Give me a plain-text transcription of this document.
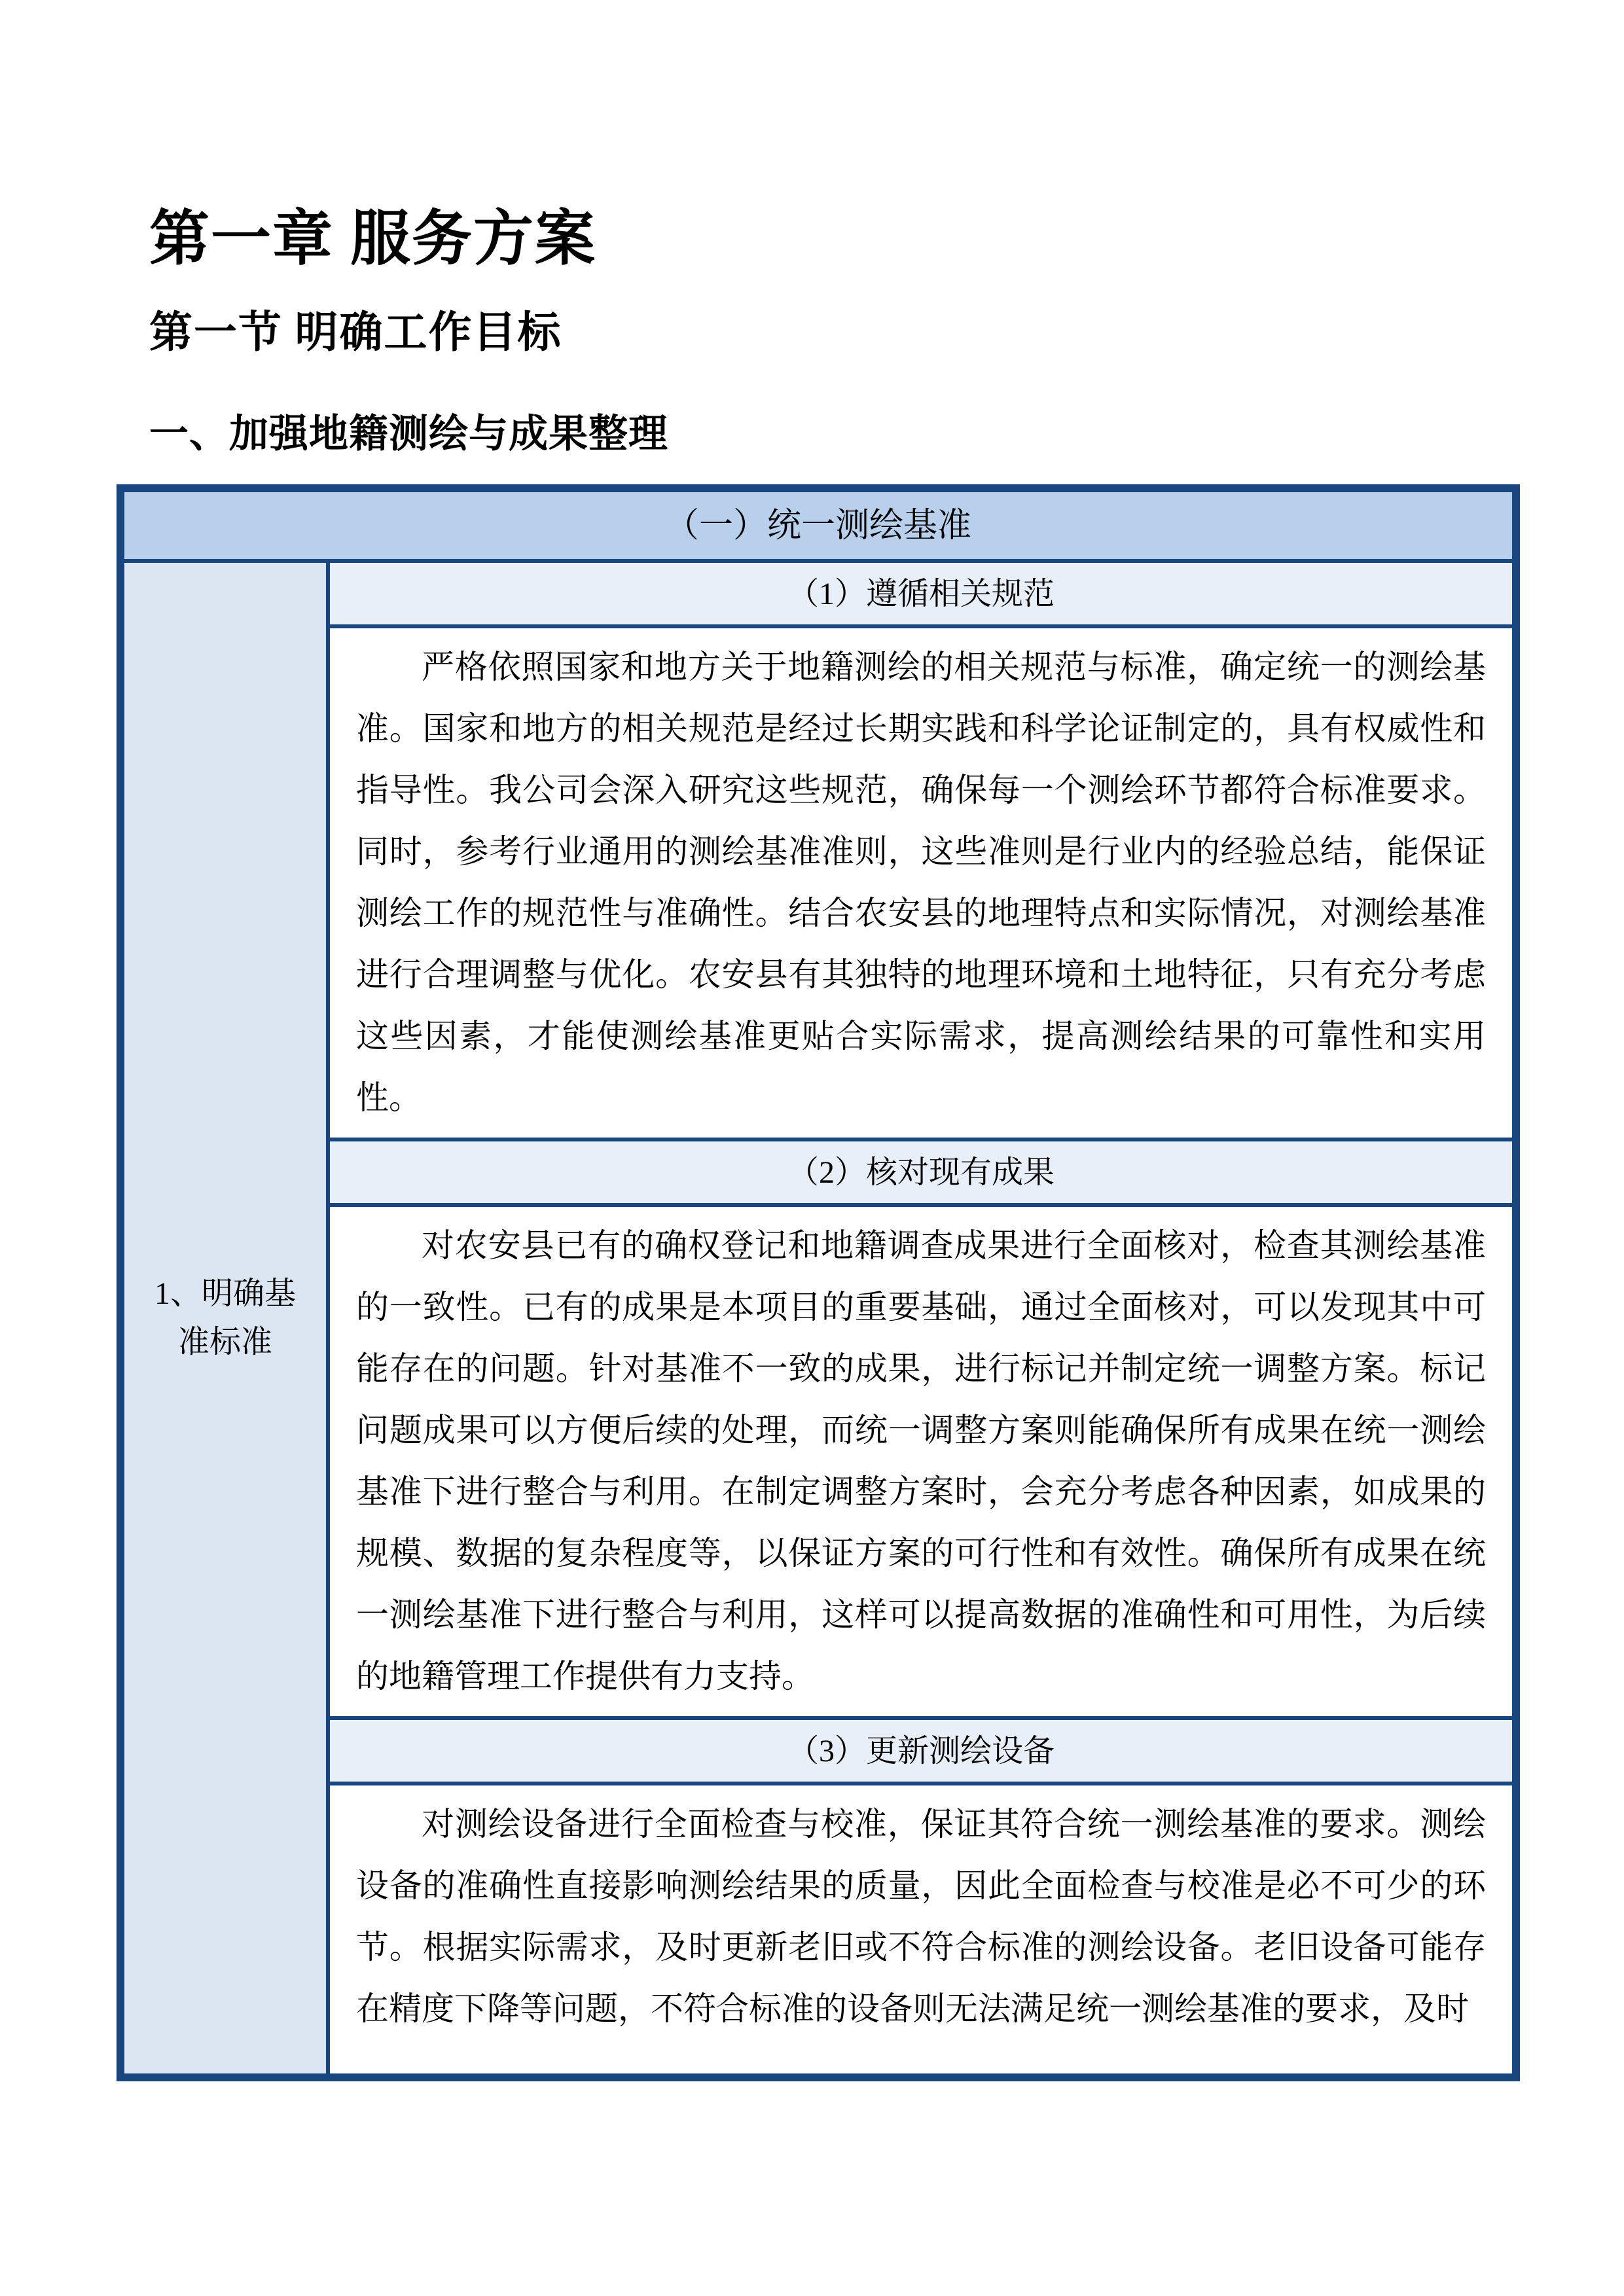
第一章 服务方案
第一节 明确工作目标
一、加强地籍测绘与成果整理
（一）统一测绘基准
1、明确基准标准
（1）遵循相关规范
严格依照国家和地方关于地籍测绘的相关规范与标准，确定统一的测绘基准。国家和地方的相关规范是经过长期实践和科学论证制定的，具有权威性和指导性。我公司会深入研究这些规范，确保每一个测绘环节都符合标准要求。同时，参考行业通用的测绘基准准则，这些准则是行业内的经验总结，能保证测绘工作的规范性与准确性。结合农安县的地理特点和实际情况，对测绘基准进行合理调整与优化。农安县有其独特的地理环境和土地特征，只有充分考虑这些因素，才能使测绘基准更贴合实际需求，提高测绘结果的可靠性和实用性。
（2）核对现有成果
对农安县已有的确权登记和地籍调查成果进行全面核对，检查其测绘基准的一致性。已有的成果是本项目的重要基础，通过全面核对，可以发现其中可能存在的问题。针对基准不一致的成果，进行标记并制定统一调整方案。标记问题成果可以方便后续的处理，而统一调整方案则能确保所有成果在统一测绘基准下进行整合与利用。在制定调整方案时，会充分考虑各种因素，如成果的规模、数据的复杂程度等，以保证方案的可行性和有效性。确保所有成果在统一测绘基准下进行整合与利用，这样可以提高数据的准确性和可用性，为后续的地籍管理工作提供有力支持。
（3）更新测绘设备
对测绘设备进行全面检查与校准，保证其符合统一测绘基准的要求。测绘设备的准确性直接影响测绘结果的质量，因此全面检查与校准是必不可少的环节。根据实际需求，及时更新老旧或不符合标准的测绘设备。老旧设备可能存在精度下降等问题，不符合标准的设备则无法满足统一测绘基准的要求，及时
